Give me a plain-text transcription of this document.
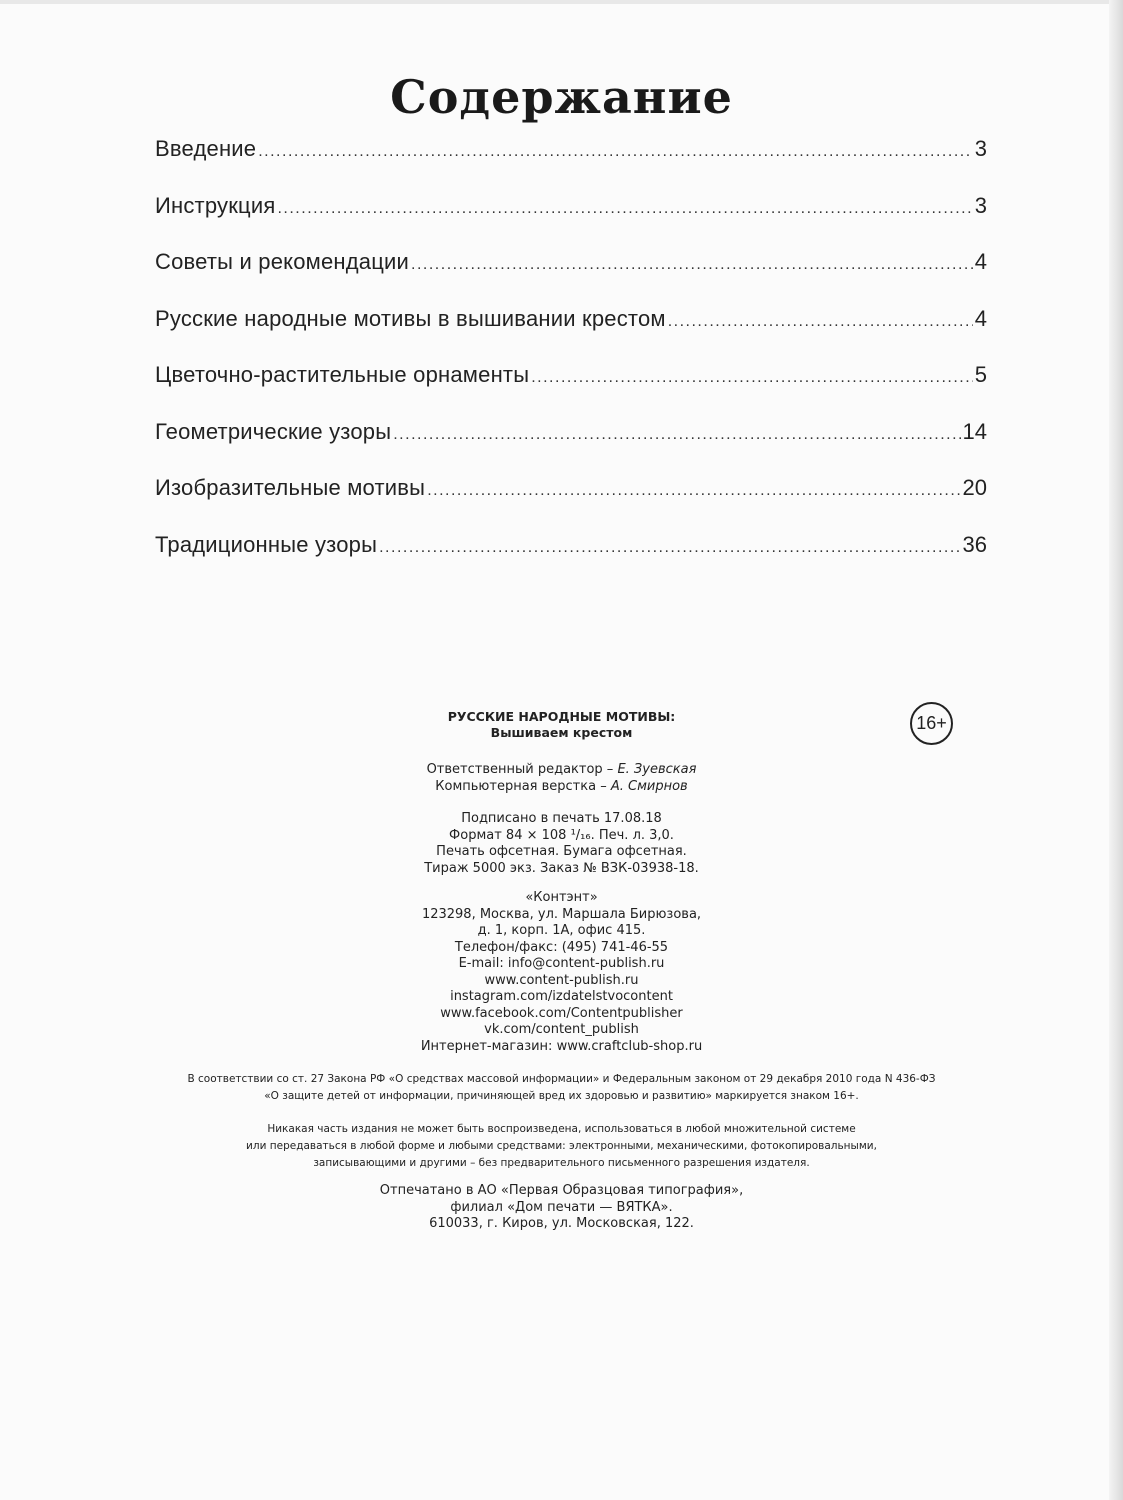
Содержание
Введение .....	3
Инструкция .....	3
Советы и рекомендации .....	4
Русские народные мотивы в вышивании крестом .....	4
Цветочно-растительные орнаменты .....	5
Геометрические узоры .....	14
Изобразительные мотивы .....	20
Традиционные узоры .....	36
16+
РУССКИЕ НАРОДНЫЕ МОТИВЫ:
Вышиваем крестом
Ответственный редактор – Е. Зуевская
Компьютерная верстка – А. Смирнов
Подписано в печать 17.08.18
Формат 84 × 108 ¹/₁₆. Печ. л. 3,0.
Печать офсетная. Бумага офсетная.
Тираж 5000 экз. Заказ № ВЗК-03938-18.
«Контэнт»
123298, Москва, ул. Маршала Бирюзова,
д. 1, корп. 1А, офис 415.
Телефон/факс: (495) 741-46-55
E-mail: info@content-publish.ru
www.content-publish.ru
instagram.com/izdatelstvocontent
www.facebook.com/Contentpublisher
vk.com/content_publish
Интернет-магазин: www.craftclub-shop.ru
В соответствии со ст. 27 Закона РФ «О средствах массовой информации» и Федеральным законом от 29 декабря 2010 года N 436-ФЗ
«О защите детей от информации, причиняющей вред их здоровью и развитию» маркируется знаком 16+.
Никакая часть издания не может быть воспроизведена, использоваться в любой множительной системе
или передаваться в любой форме и любыми средствами: электронными, механическими, фотокопировальными,
записывающими и другими – без предварительного письменного разрешения издателя.
Отпечатано в АО «Первая Образцовая типография»,
филиал «Дом печати — ВЯТКА».
610033, г. Киров, ул. Московская, 122.
